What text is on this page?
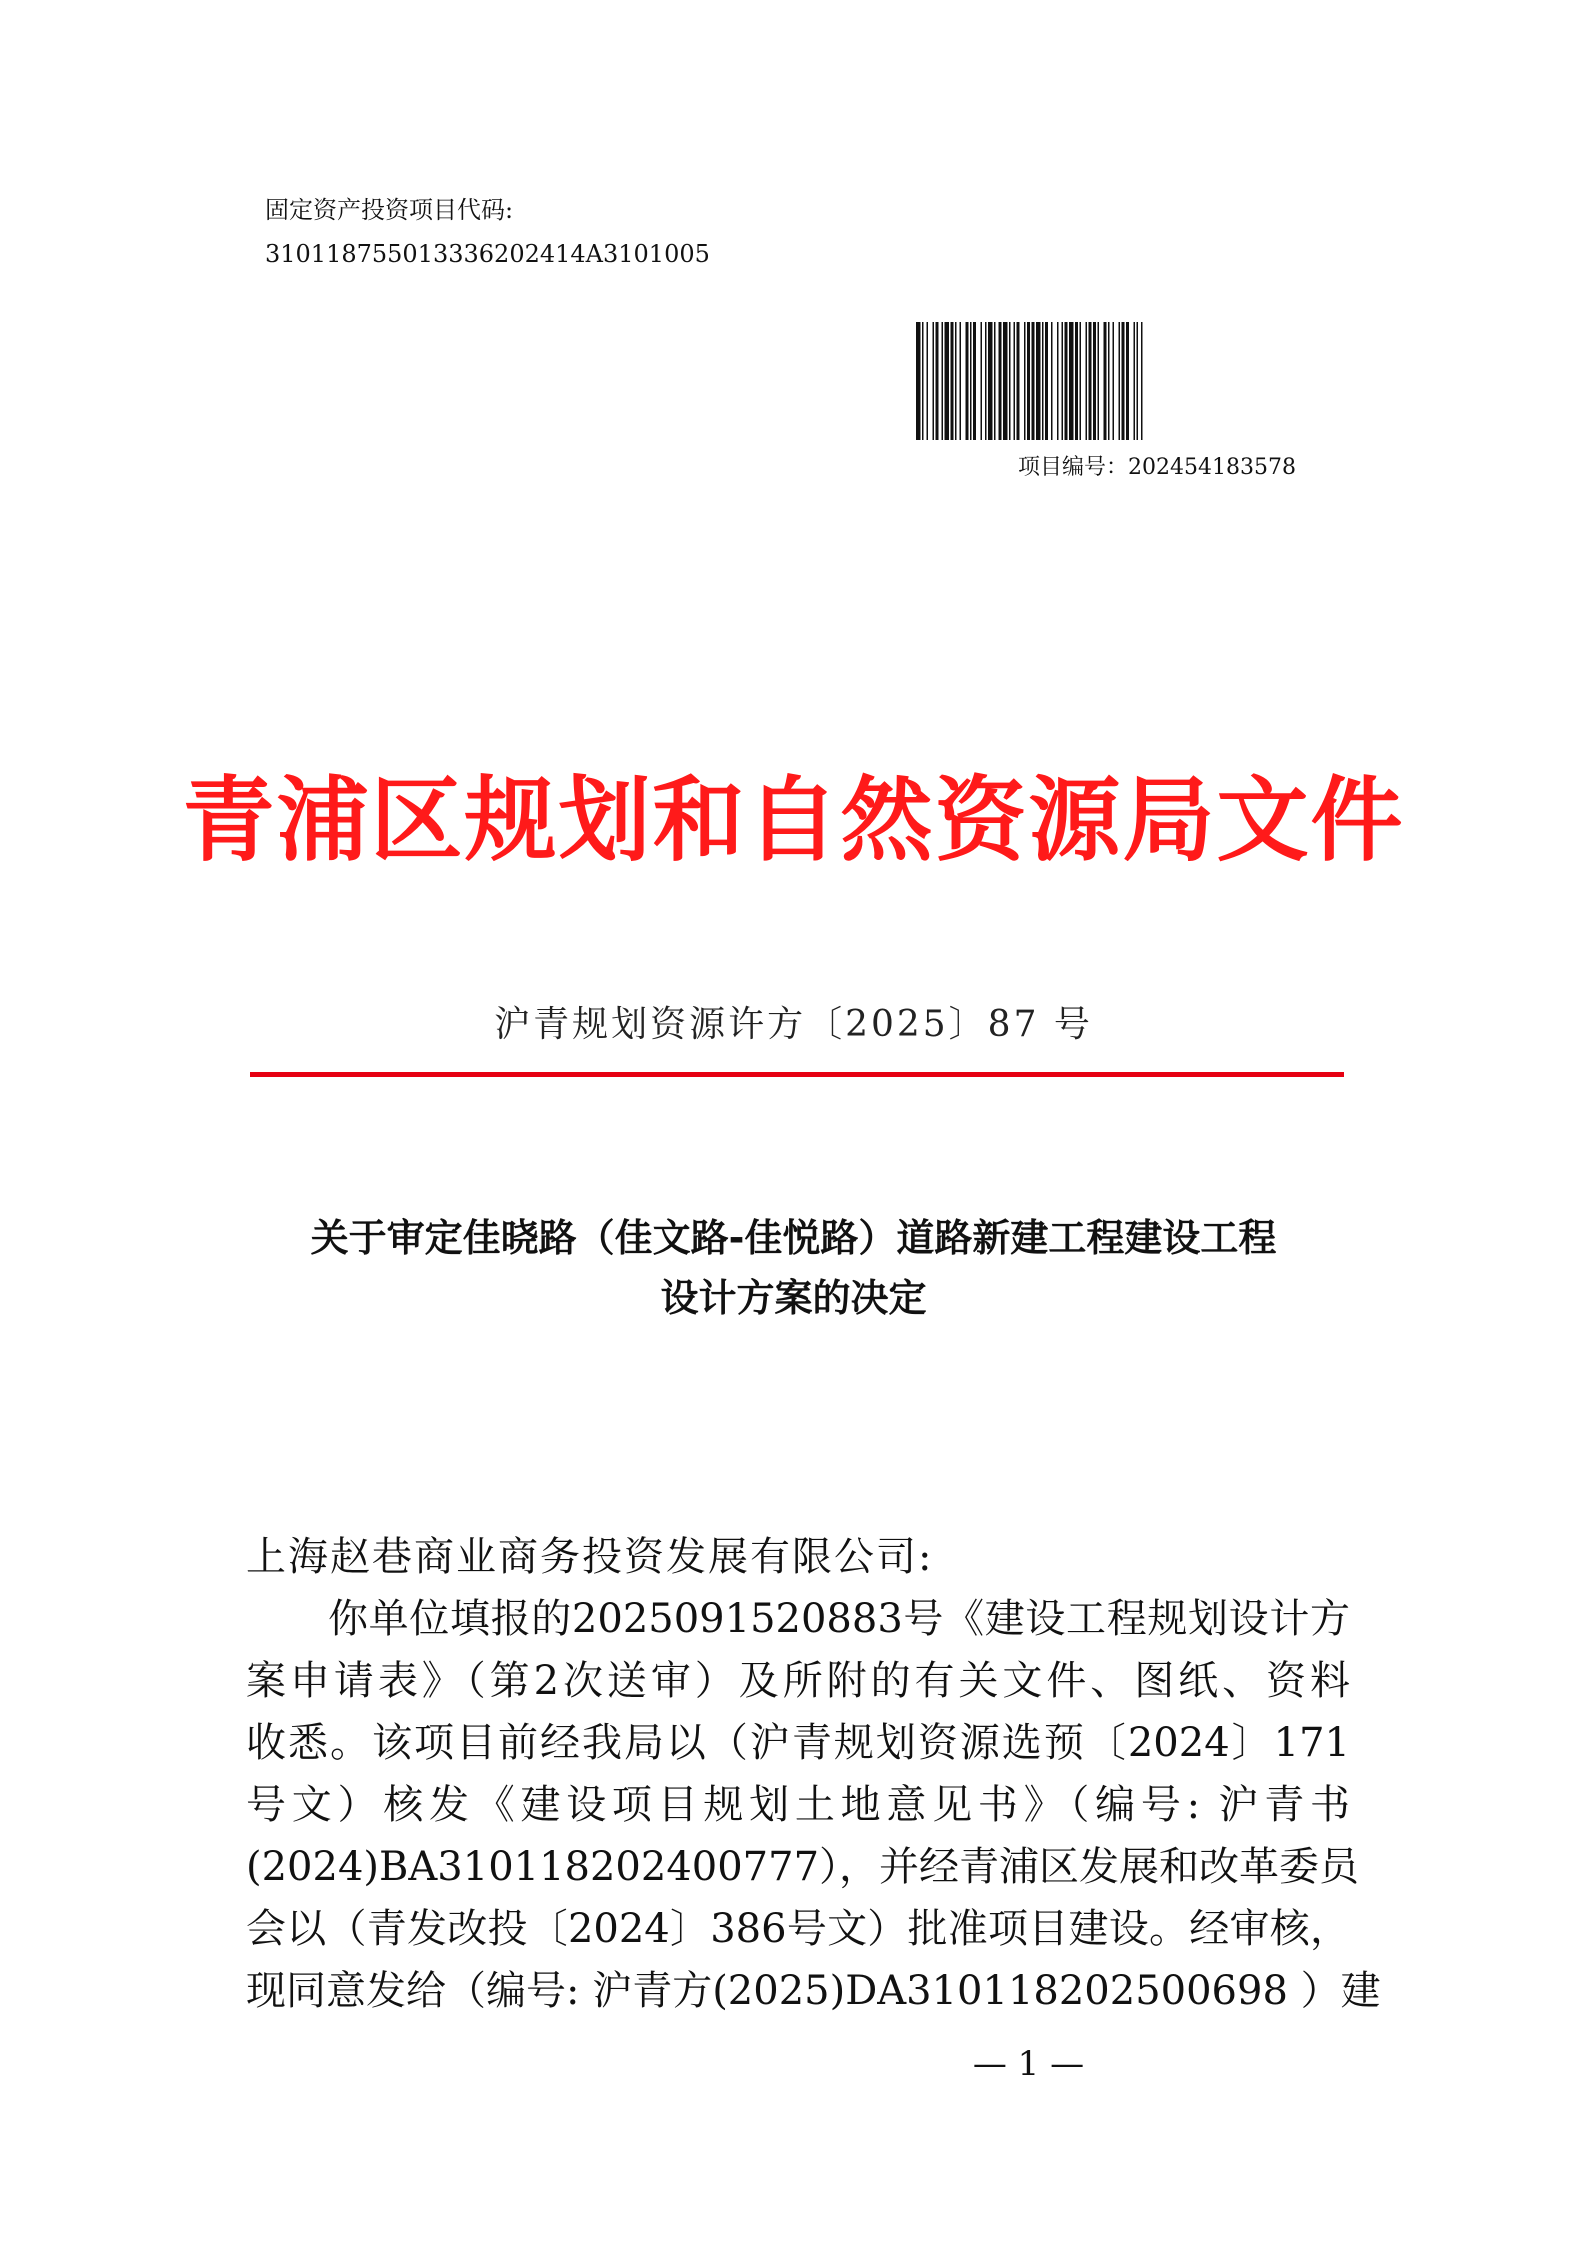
固定资产投资项目代码:
310118755013336202414A3101005
项目编号：202454183578
青浦区规划和自然资源局文件
沪青规划资源许方〔2025〕87 号
关于审定佳晓路（佳文路-佳悦路）道路新建工程建设工程
设计方案的决定
上海赵巷商业商务投资发展有限公司:
你单位填报的2025091520883号《建设工程规划设计方
案申请表》（第2次送审）及所附的有关文件、图纸、资料
收悉。该项目前经我局以（沪青规划资源选预〔2024〕171
号文）核发《建设项目规划土地意见书》（编号: 沪青书
(2024)BA310118202400777），并经青浦区发展和改革委员
会以（青发改投〔2024〕386号文）批准项目建设。经审核，
现同意发给（编号: 沪青方(2025)DA310118202500698 ）建
— 1 —
